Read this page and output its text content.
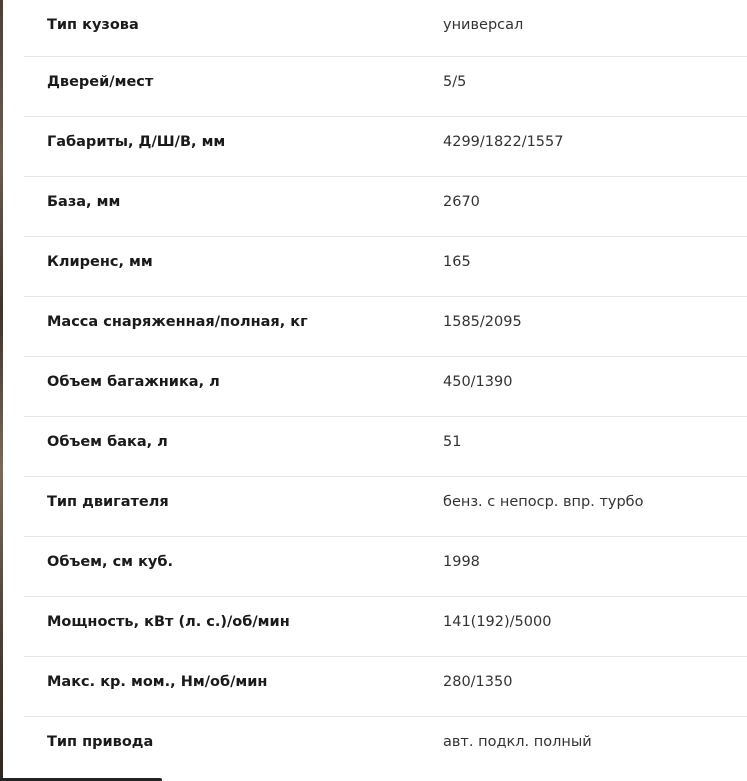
Тип кузова	универсал
Дверей/мест	5/5
Габариты, Д/Ш/В, мм	4299/1822/1557
База, мм	2670
Клиренс, мм	165
Масса снаряженная/полная, кг	1585/2095
Объем багажника, л	450/1390
Объем бака, л	51
Тип двигателя	бенз. с непоср. впр. турбо
Объем, см куб.	1998
Мощность, кВт (л. с.)/об/мин	141(192)/5000
Макс. кр. мом., Нм/об/мин	280/1350
Тип привода	авт. подкл. полный
